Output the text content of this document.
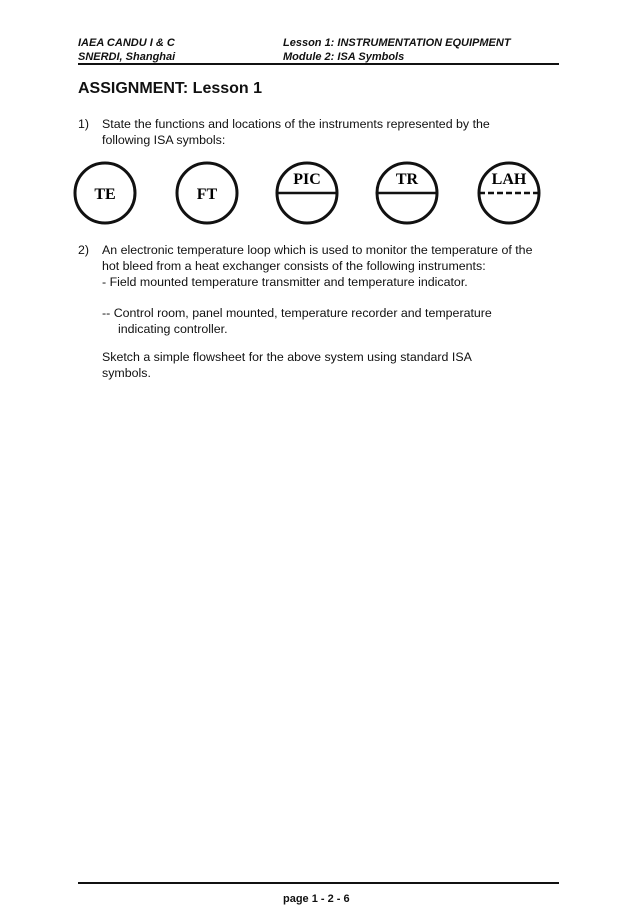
IAEA CANDU I & C
SNERDI, Shanghai
Lesson 1: INSTRUMENTATION EQUIPMENT
Module 2: ISA Symbols
ASSIGNMENT: Lesson 1
1) State the functions and locations of the instruments represented by the
following ISA symbols:
TE	FT
PIC	TR	LAH
2) An electronic temperature loop which is used to monitor the temperature of the
hot bleed from a heat exchanger consists of the following instruments:
- Field mounted temperature transmitter and temperature indicator.
-- Control room, panel mounted, temperature recorder and temperature
indicating controller.
Sketch a simple flowsheet for the above system using standard ISA
symbols.
page 1 - 2 - 6
